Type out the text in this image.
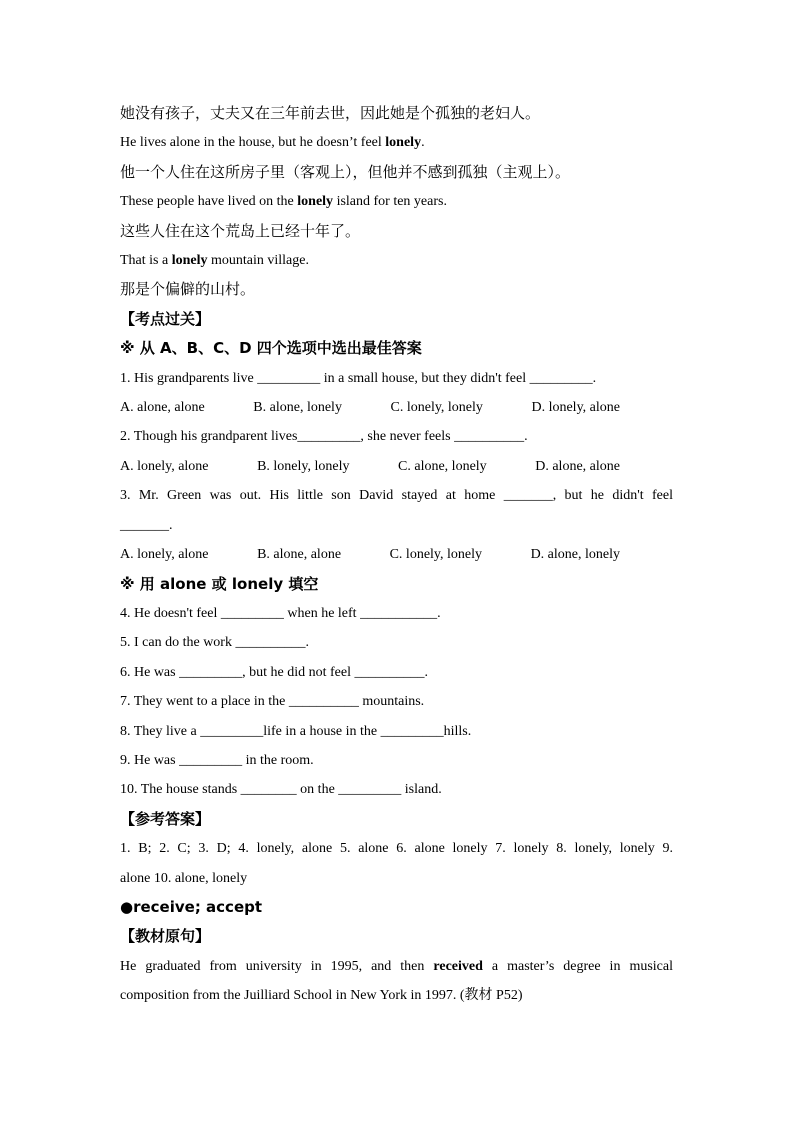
她没有孩子，丈夫又在三年前去世，因此她是个孤独的老妇人。
He lives alone in the house, but he doesn’t feel lonely.
他一个人住在这所房子里（客观上），但他并不感到孤独（主观上）。
These people have lived on the lonely island for ten years.
这些人住在这个荒岛上已经十年了。
That is a lonely mountain village.
那是个偏僻的山村。
【考点过关】
※ 从 A、B、C、D 四个选项中选出最佳答案
1. His grandparents live _________ in a small house, but they didn't feel _________.
A. alone, alone	B. alone, lonely	C. lonely, lonely	D. lonely, alone
2. Though his grandparent lives_________, she never feels __________.
A. lonely, alone	B. lonely, lonely	C. alone, lonely	D. alone, alone
3. Mr. Green was out. His little son David stayed at home _______, but he didn't feel
_______.
A. lonely, alone	B. alone, alone	C. lonely, lonely	D. alone, lonely
※ 用 alone 或 lonely 填空
4. He doesn't feel _________ when he left ___________.
5. I can do the work __________.
6. He was _________, but he did not feel __________.
7. They went to a place in the __________ mountains.
8. They live a _________life in a house in the _________hills.
9. He was _________ in the room.
10. The house stands ________ on the _________ island.
【参考答案】
1. B; 2. C; 3. D; 4. lonely, alone 5. alone 6. alone lonely 7. lonely 8. lonely, lonely 9.
alone 10. alone, lonely
●receive; accept
【教材原句】
He graduated from university in 1995, and then received a master’s degree in musical
composition from the Juilliard School in New York in 1997. (教材 P52)
